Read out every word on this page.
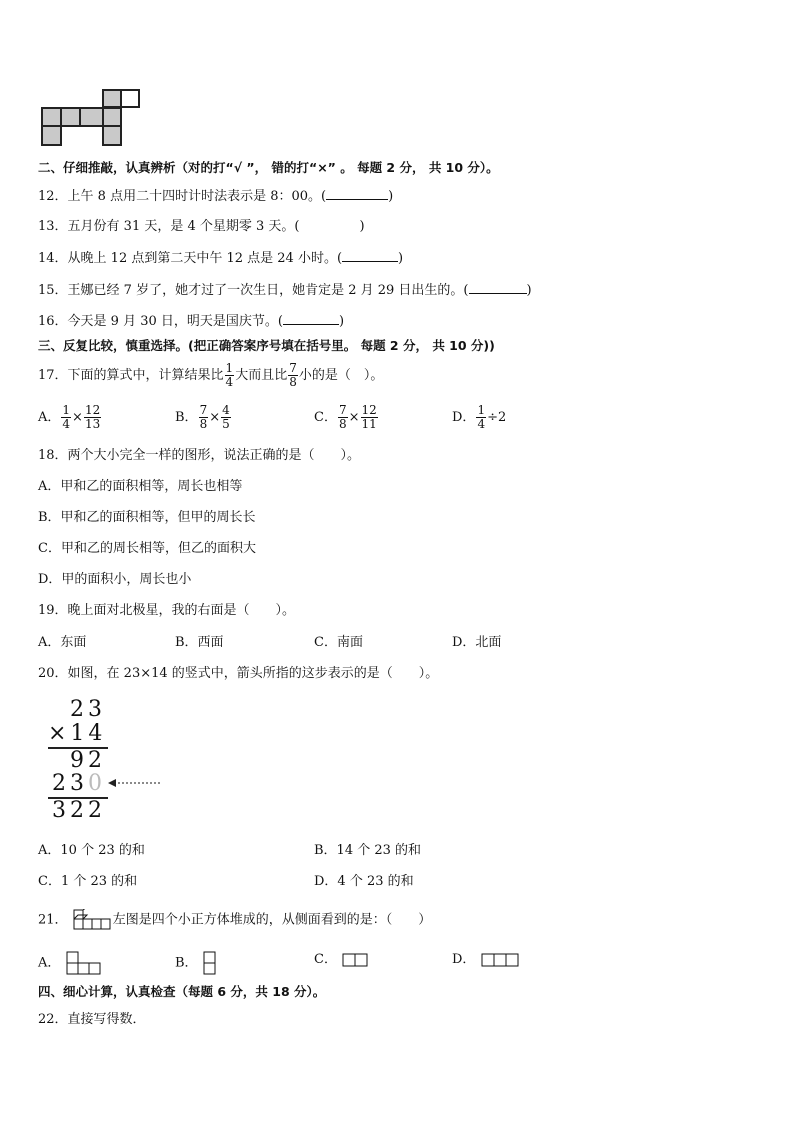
二、仔细推敲，认真辨析（对的打“√ ”， 错的打“×” 。 每题 2 分， 共 10 分）。
12．上午 8 点用二十四时计时法表示是 8：00。(	)
13．五月份有 31 天，是 4 个星期零 3 天。(	)
14．从晚上 12 点到第二天中午 12 点是 24 小时。(	)
15．王娜已经 7 岁了，她才过了一次生日，她肯定是 2 月 29 日出生的。(	)
16．今天是 9 月 30 日，明天是国庆节。(	)
三、反复比较，慎重选择。(把正确答案序号填在括号里。 每题 2 分， 共 10 分))
17．下面的算式中，计算结果比 $\frac{1}{4}$ 大而且比 $\frac{7}{8}$ 小的是（　）。
A． $\frac{1}{4} \times \frac{12}{13}$	B． $\frac{7}{8} \times \frac{4}{5}$	C． $\frac{7}{8} \times \frac{12}{11}$	D． $\frac{1}{4} \div 2$
18．两个大小完全一样的图形，说法正确的是（　　）。
A．甲和乙的面积相等，周长也相等
B．甲和乙的面积相等，但甲的周长长
C．甲和乙的周长相等，但乙的面积大
D．甲的面积小，周长也小
19．晚上面对北极星，我的右面是（　　）。
A．东面	B．西面	C．南面	D．北面
20．如图，在 23×14 的竖式中，箭头所指的这步表示的是（　　）。
23
×14
92
230
322
A．10 个 23 的和	B．14 个 23 的和
C．1 个 23 的和	D．4 个 23 的和
21．	左图是四个小正方体堆成的，从侧面看到的是：（　　）
A．	B．	C．	D．
四、细心计算，认真检查（每题 6 分，共 18 分）。
22．直接写得数．
